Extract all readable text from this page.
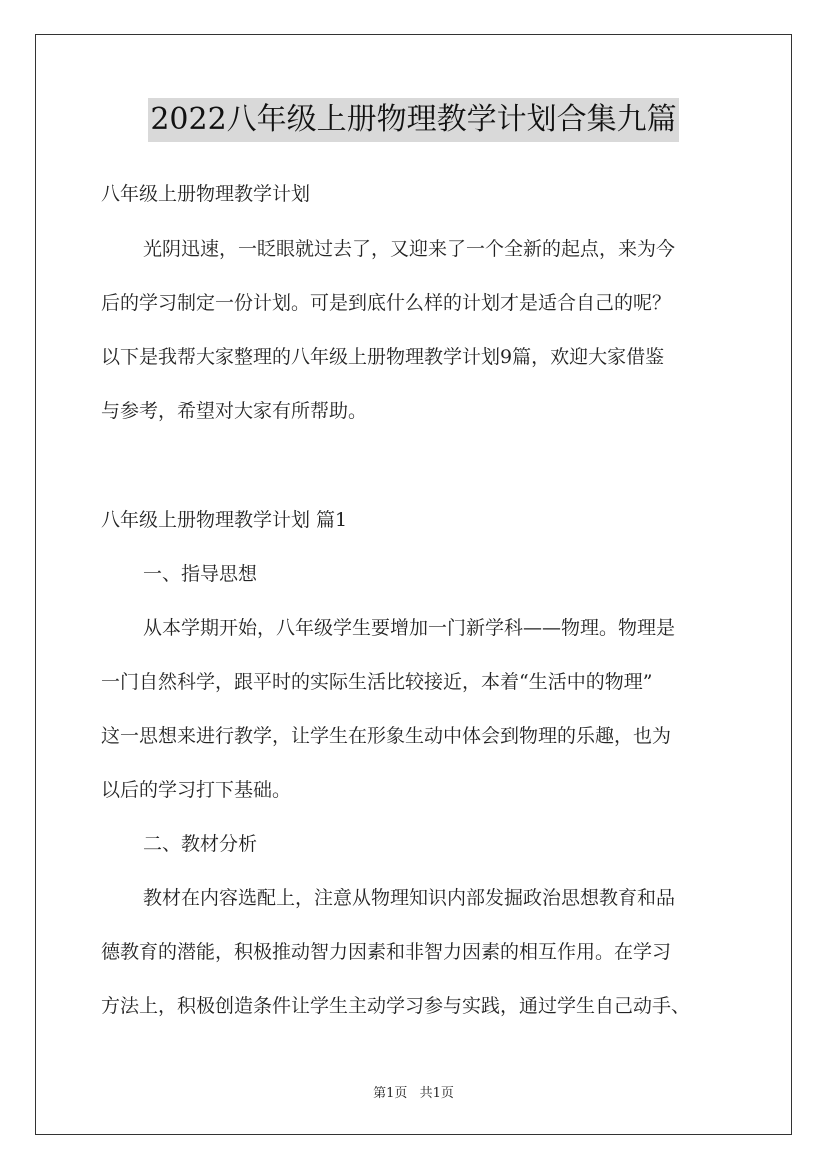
2022八年级上册物理教学计划合集九篇
八年级上册物理教学计划
光阴迅速，一眨眼就过去了，又迎来了一个全新的起点，来为今
后的学习制定一份计划。可是到底什么样的计划才是适合自己的呢？
以下是我帮大家整理的八年级上册物理教学计划9篇，欢迎大家借鉴
与参考，希望对大家有所帮助。
八年级上册物理教学计划 篇1
一、指导思想
从本学期开始，八年级学生要增加一门新学科——物理。物理是
一门自然科学，跟平时的实际生活比较接近，本着“生活中的物理”
这一思想来进行教学，让学生在形象生动中体会到物理的乐趣，也为
以后的学习打下基础。
二、教材分析
教材在内容选配上，注意从物理知识内部发掘政治思想教育和品
德教育的潜能，积极推动智力因素和非智力因素的相互作用。在学习
方法上，积极创造条件让学生主动学习参与实践，通过学生自己动手、
第1页 共1页
